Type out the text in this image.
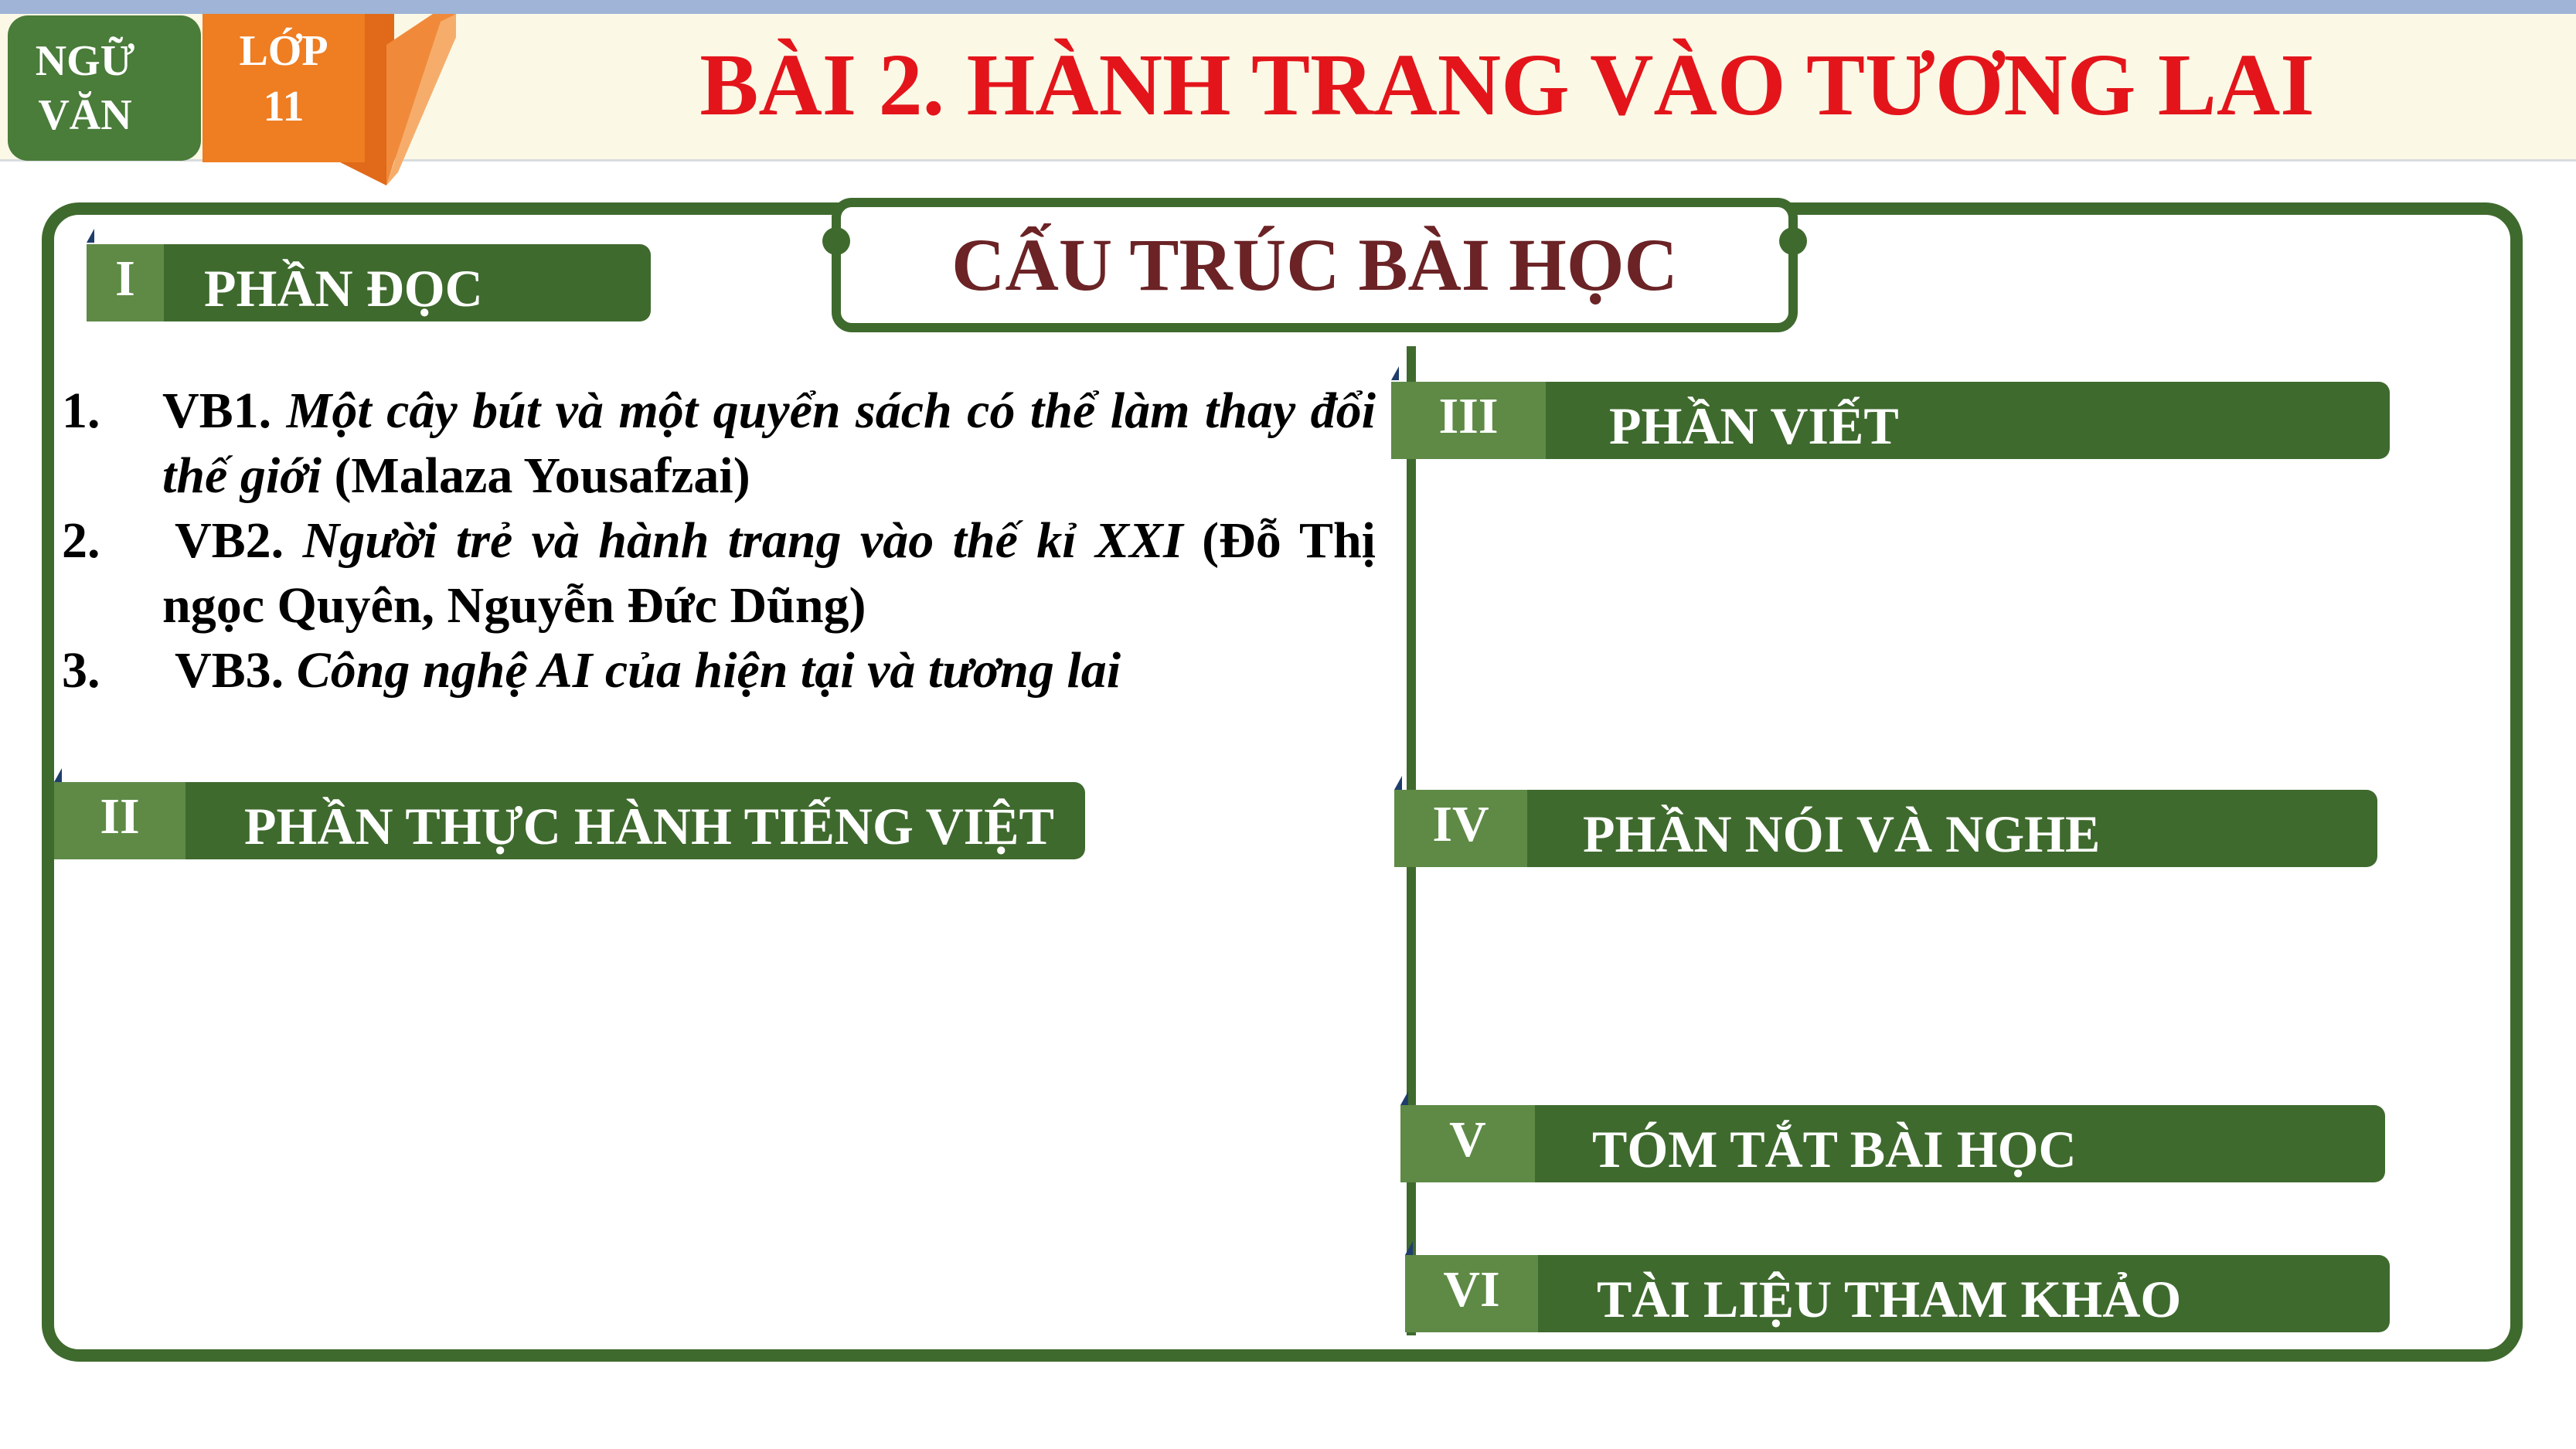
NGỮ
VĂN
LỚP
11	BÀI 2. HÀNH TRANG VÀO TƯƠNG LAI
CẤU TRÚC BÀI HỌC
I	PHẦN ĐỌC
1. VB1. Một cây bút và một quyển sách có thể làm thay đổi thế giới (Malaza Yousafzai)
2. VB2. Người trẻ và hành trang vào thế kỉ XXI (Đỗ Thị ngọc Quyên, Nguyễn Đức Dũng)
3. VB3. Công nghệ AI của hiện tại và tương lai
II	PHẦN THỰC HÀNH TIẾNG VIỆT
III	PHẦN VIẾT
IV	PHẦN NÓI VÀ NGHE
V	TÓM TẮT BÀI HỌC
VI	TÀI LIỆU THAM KHẢO
